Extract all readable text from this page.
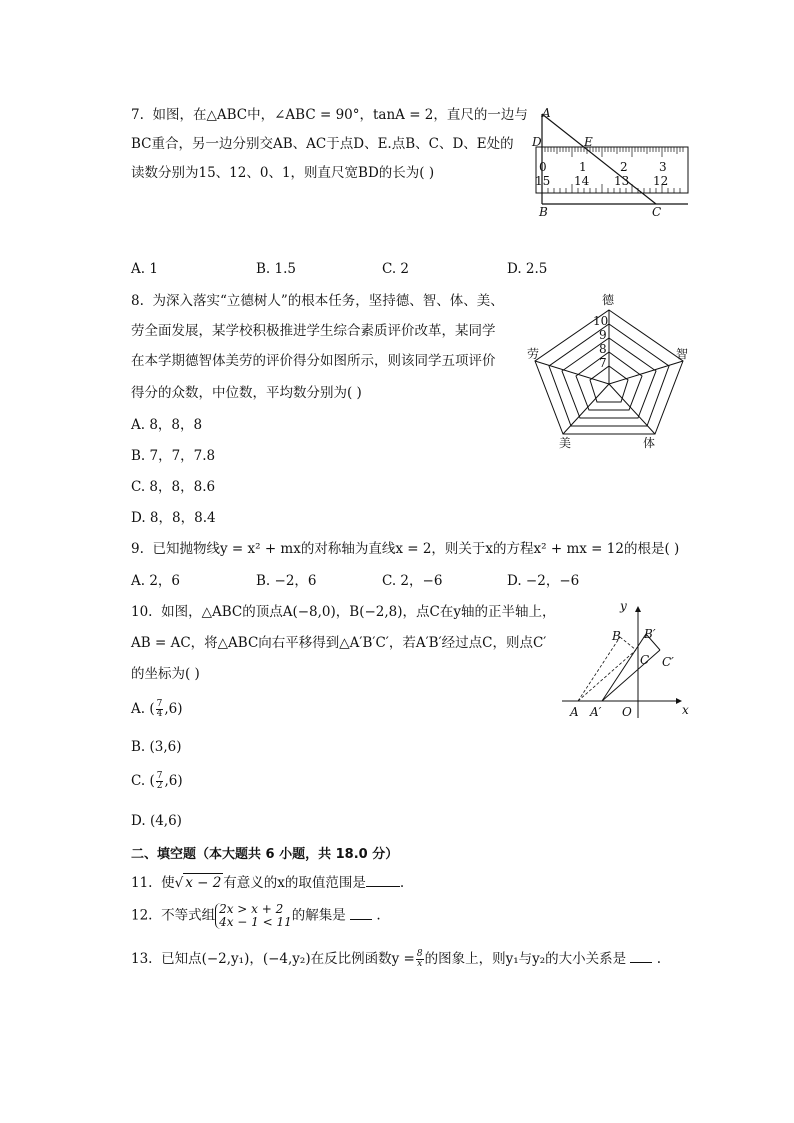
7. 如图，在△ABC中，∠ABC = 90°，tanA = 2，直尺的一边与
BC重合，另一边分别交AB、AC于点D、E.点B、C、D、E处的
读数分别为15、12、0、1，则直尺宽BD的长为( )
A
D	E
B	C
0	1	2	3
15 14 13 12
A. 1	B. 1.5	C. 2	D. 2.5
8. 为深入落实“立德树人”的根本任务，坚持德、智、体、美、
劳全面发展，某学校积极推进学生综合素质评价改革，某同学
在本学期德智体美劳的评价得分如图所示，则该同学五项评价
得分的众数，中位数，平均数分别为( )
德
智
体
美
劳
10
9
8
7
A. 8，8，8
B. 7，7，7.8
C. 8，8，8.6
D. 8，8，8.4
9. 已知抛物线y = x² + mx的对称轴为直线x = 2，则关于x的方程x² + mx = 12的根是( )
A. 2，6	B. −2，6	C. 2，−6	D. −2，−6
10. 如图，△ABC的顶点A(−8,0)，B(−2,8)，点C在y轴的正半轴上，
AB = AC，将△ABC向右平移得到△A′B′C′，若A′B′经过点C，则点C′
的坐标为( )
y
x
O
A A′
B B′
C C′
A. ( $\frac{7}{4} ,6$)
B. (3,6)
C. ( $\frac{7}{2} ,6$)
D. (4,6)
二、填空题（本大题共 6 小题，共 18.0 分）
11. 使√ x − 2 有意义的x的取值范围是	.
12. 不等式组 2x > x + 2
4x − 1 < 11的解集是 .
13. 已知点(−2,y₁)，(−4,y₂)在反比例函数$y = \frac{8}{x}$ 的图象上，则y₁与y₂的大小关系是 .
